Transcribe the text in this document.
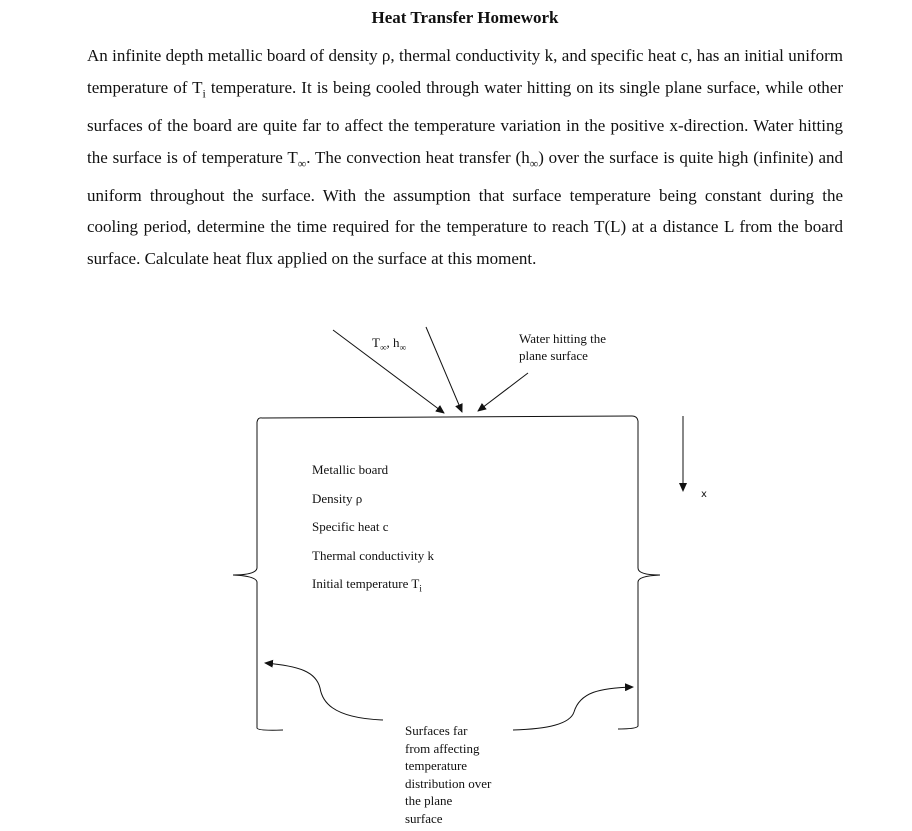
Heat Transfer Homework

An infinite depth metallic board of density ρ, thermal conductivity k, and specific heat c, has an initial uniform temperature of $T_i$ temperature. It is being cooled through water hitting on its single plane surface, while other surfaces of the board are quite far to affect the temperature variation in the positive x-direction. Water hitting the surface is of temperature $T_\infty$. The convection heat transfer $(h_\infty)$ over the surface is quite high (infinite) and uniform throughout the surface. With the assumption that surface temperature being constant during the cooling period, determine the time required for the temperature to reach T(L) at a distance L from the board surface. Calculate heat flux applied on the surface at this moment.

$T_\infty$, $h_\infty$
Water hitting the
plane surface
x
Metallic board
Density ρ
Specific heat c
Thermal conductivity k
Initial temperature $T_i$
Surfaces far
from affecting
temperature
distribution over
the plane
surface
